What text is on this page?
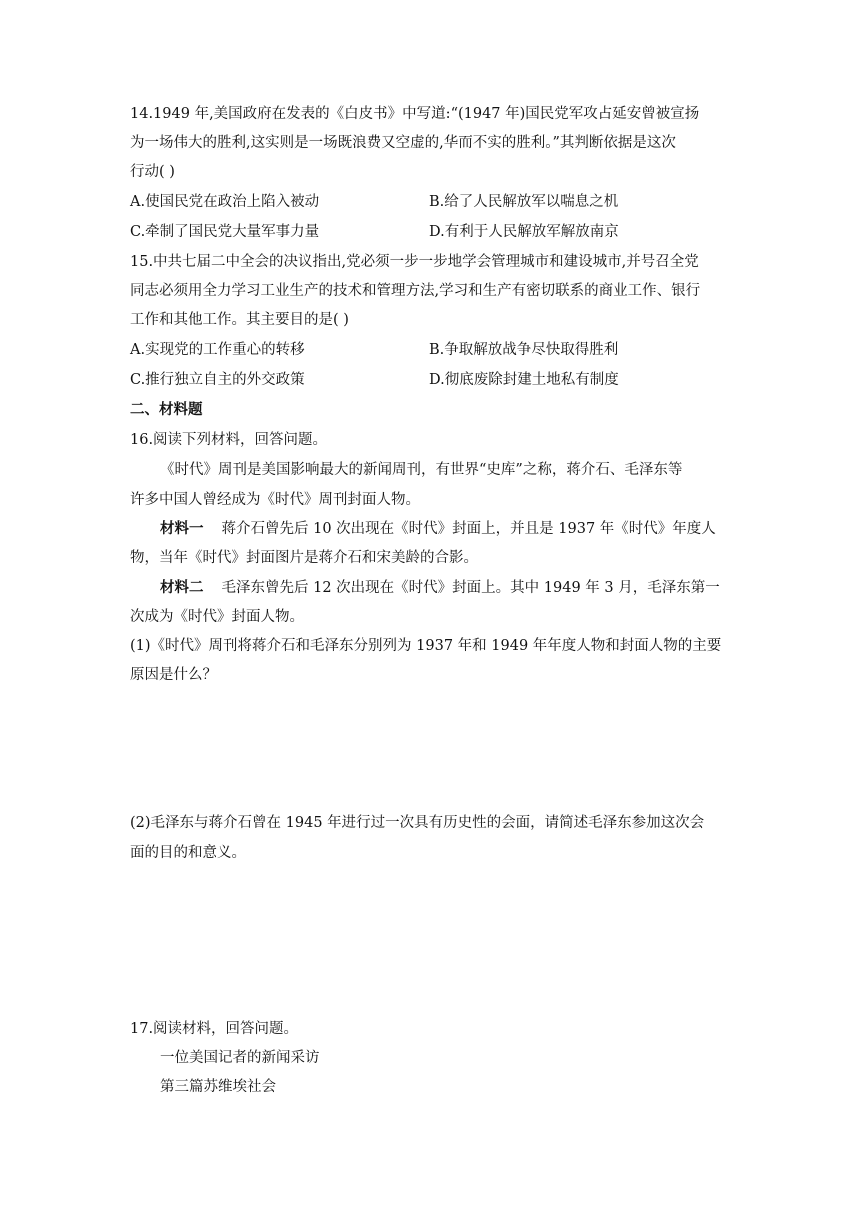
14.1949 年,美国政府在发表的《白皮书》中写道:“(1947 年)国民党军攻占延安曾被宣扬
为一场伟大的胜利,这实则是一场既浪费又空虚的,华而不实的胜利。”其判断依据是这次
行动( )
A.使国民党在政治上陷入被动	B.给了人民解放军以喘息之机
C.牵制了国民党大量军事力量	D.有利于人民解放军解放南京
15.中共七届二中全会的决议指出,党必须一步一步地学会管理城市和建设城市,并号召全党
同志必须用全力学习工业生产的技术和管理方法,学习和生产有密切联系的商业工作、银行
工作和其他工作。其主要目的是( )
A.实现党的工作重心的转移	B.争取解放战争尽快取得胜利
C.推行独立自主的外交政策	D.彻底废除封建土地私有制度
二、材料题
16.阅读下列材料，回答问题。
《时代》周刊是美国影响最大的新闻周刊，有世界“史库”之称，蒋介石、毛泽东等
许多中国人曾经成为《时代》周刊封面人物。
材料一 蒋介石曾先后 10 次出现在《时代》封面上，并且是 1937 年《时代》年度人
物，当年《时代》封面图片是蒋介石和宋美龄的合影。
材料二 毛泽东曾先后 12 次出现在《时代》封面上。其中 1949 年 3 月，毛泽东第一
次成为《时代》封面人物。
(1)《时代》周刊将蒋介石和毛泽东分别列为 1937 年和 1949 年年度人物和封面人物的主要
原因是什么？
(2)毛泽东与蒋介石曾在 1945 年进行过一次具有历史性的会面，请简述毛泽东参加这次会
面的目的和意义。
17.阅读材料，回答问题。
一位美国记者的新闻采访
第三篇苏维埃社会
